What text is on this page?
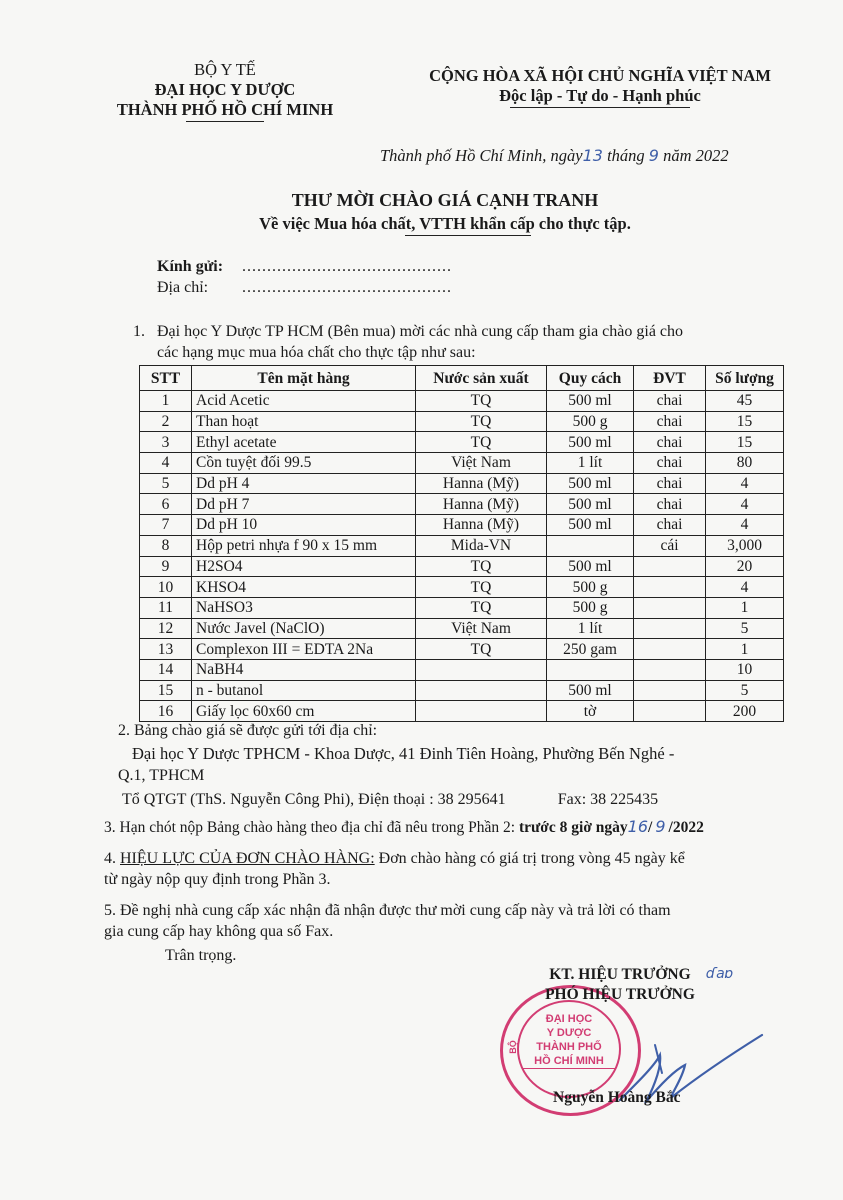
BỘ Y TẾ
ĐẠI HỌC Y DƯỢC
THÀNH PHỐ HỒ CHÍ MINH
CỘNG HÒA XÃ HỘI CHỦ NGHĨA VIỆT NAM
Độc lập - Tự do - Hạnh phúc
Thành phố Hồ Chí Minh, ngày13 tháng 9 năm 2022
THƯ MỜI CHÀO GIÁ CẠNH TRANH
Về việc Mua hóa chất, VTTH khẩn cấp cho thực tập.
Kính gửi: ..........................................
Địa chỉ: ..........................................
1. Đại học Y Dược TP HCM (Bên mua) mời các nhà cung cấp tham gia chào giá cho
các hạng mục mua hóa chất cho thực tập như sau:
STT	Tên mặt hàng	Nước sản xuất	Quy cách	ĐVT	Số lượng
1	Acid Acetic	TQ	500 ml	chai	45
2	Than hoạt	TQ	500 g	chai	15
3	Ethyl acetate	TQ	500 ml	chai	15
4	Cồn tuyệt đối 99.5	Việt Nam	1 lít	chai	80
5	Dd pH 4	Hanna (Mỹ)	500 ml	chai	4
6	Dd pH 7	Hanna (Mỹ)	500 ml	chai	4
7	Dd pH 10	Hanna (Mỹ)	500 ml	chai	4
8	Hộp petri nhựa f 90 x 15 mm	Mida-VN		cái	3,000
9	H2SO4	TQ	500 ml		20
10	KHSO4	TQ	500 g		4
11	NaHSO3	TQ	500 g		1
12	Nước Javel (NaClO)	Việt Nam	1 lít		5
13	Complexon III = EDTA 2Na	TQ	250 gam		1
14	NaBH4				10
15	n - butanol		500 ml		5
16	Giấy lọc 60x60 cm		tờ		200
2. Bảng chào giá sẽ được gửi tới địa chỉ:
Đại học Y Dược TPHCM - Khoa Dược, 41 Đinh Tiên Hoàng, Phường Bến Nghé -
Q.1, TPHCM
Tổ QTGT (ThS. Nguyễn Công Phi), Điện thoại : 38 295641	Fax: 38 225435
3. Hạn chót nộp Bảng chào hàng theo địa chỉ đã nêu trong Phần 2: trước 8 giờ ngày16/ 9 /2022
4. HIỆU LỰC CỦA ĐƠN CHÀO HÀNG: Đơn chào hàng có giá trị trong vòng 45 ngày kể
từ ngày nộp quy định trong Phần 3.
5. Đề nghị nhà cung cấp xác nhận đã nhận được thư mời cung cấp này và trả lời có tham
gia cung cấp hay không qua số Fax.
Trân trọng.
ĐẠI HỌC
Y DƯỢC
THÀNH PHỐ
HỒ CHÍ MINH
BỘ
KT. HIỆU TRƯỞNG
PHÓ HIỆU TRƯỞNG
ɗaɒ
Nguyễn Hoàng Bắc
